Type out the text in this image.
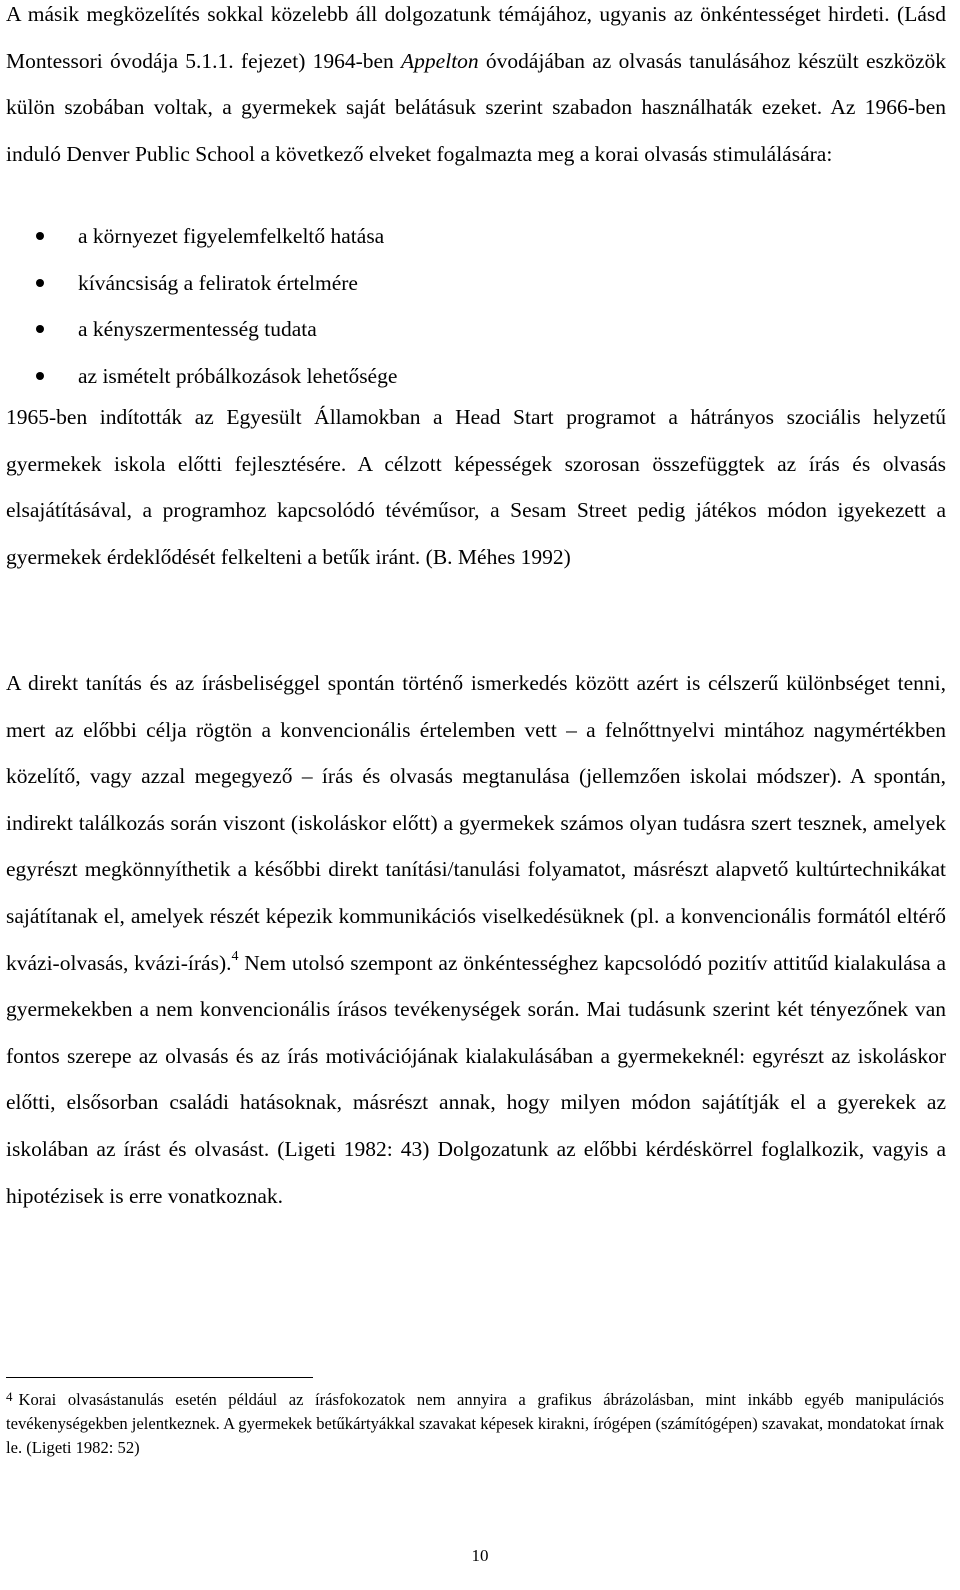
A másik megközelítés sokkal közelebb áll dolgozatunk témájához, ugyanis az önkéntességet hirdeti. (Lásd Montessori óvodája 5.1.1. fejezet) 1964-ben Appelton óvodájában az olvasás tanulásához készült eszközök külön szobában voltak, a gyermekek saját belátásuk szerint szabadon használhaták ezeket. Az 1966-ben induló Denver Public School a következő elveket fogalmazta meg a korai olvasás stimulálására:

a környezet figyelemfelkeltő hatása
kíváncsiság a feliratok értelmére
a kényszermentesség tudata
az ismételt próbálkozások lehetősége

1965-ben indították az Egyesült Államokban a Head Start programot a hátrányos szociális helyzetű gyermekek iskola előtti fejlesztésére. A célzott képességek szorosan összefüggtek az írás és olvasás elsajátításával, a programhoz kapcsolódó tévéműsor, a Sesam Street pedig játékos módon igyekezett a gyermekek érdeklődését felkelteni a betűk iránt. (B. Méhes 1992)

A direkt tanítás és az írásbeliséggel spontán történő ismerkedés között azért is célszerű különbséget tenni, mert az előbbi célja rögtön a konvencionális értelemben vett – a felnőttnyelvi mintához nagymértékben közelítő, vagy azzal megegyező – írás és olvasás megtanulása (jellemzően iskolai módszer). A spontán, indirekt találkozás során viszont (iskoláskor előtt) a gyermekek számos olyan tudásra szert tesznek, amelyek egyrészt megkönnyíthetik a későbbi direkt tanítási/tanulási folyamatot, másrészt alapvető kultúrtechnikákat sajátítanak el, amelyek részét képezik kommunikációs viselkedésüknek (pl. a konvencionális formától eltérő kvázi-olvasás, kvázi-írás).$^4$ Nem utolsó szempont az önkéntességhez kapcsolódó pozitív attitűd kialakulása a gyermekekben a nem konvencionális írásos tevékenységek során. Mai tudásunk szerint két tényezőnek van fontos szerepe az olvasás és az írás motivációjának kialakulásában a gyermekeknél: egyrészt az iskoláskor előtti, elsősorban családi hatásoknak, másrészt annak, hogy milyen módon sajátítják el a gyerekek az iskolában az írást és olvasást. (Ligeti 1982: 43) Dolgozatunk az előbbi kérdéskörrel foglalkozik, vagyis a hipotézisek is erre vonatkoznak.

$^4$ Korai olvasástanulás esetén például az írásfokozatok nem annyira a grafikus ábrázolásban, mint inkább egyéb manipulációs tevékenységekben jelentkeznek. A gyermekek betűkártyákkal szavakat képesek kirakni, írógépen (számítógépen) szavakat, mondatokat írnak le. (Ligeti 1982: 52)

10
